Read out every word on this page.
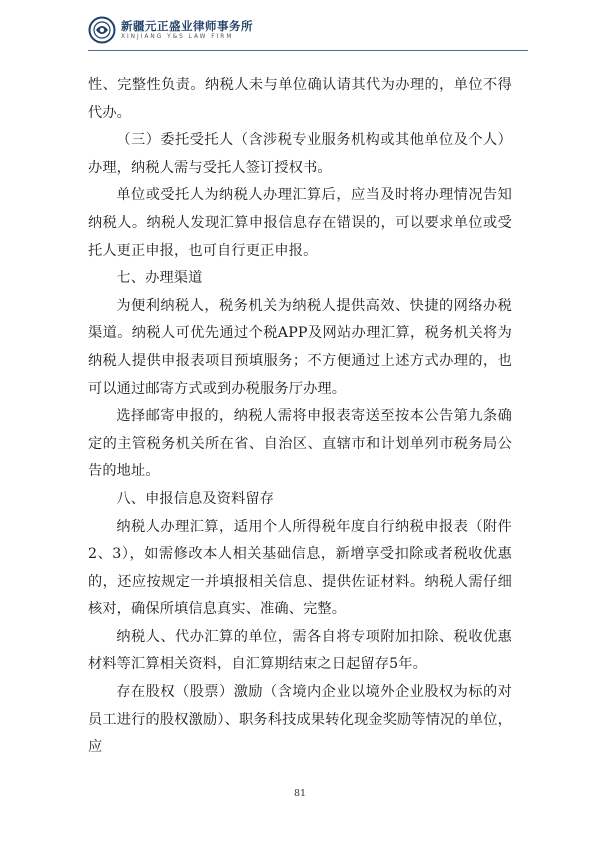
新疆元正盛业律师事务所
XINJIANG Y&S LAW FIRM

性、完整性负责。纳税人未与单位确认请其代为办理的，单位不得代办。

（三）委托受托人（含涉税专业服务机构或其他单位及个人）办理，纳税人需与受托人签订授权书。

单位或受托人为纳税人办理汇算后，应当及时将办理情况告知纳税人。纳税人发现汇算申报信息存在错误的，可以要求单位或受托人更正申报，也可自行更正申报。

七、办理渠道

为便利纳税人，税务机关为纳税人提供高效、快捷的网络办税渠道。纳税人可优先通过个税APP及网站办理汇算，税务机关将为纳税人提供申报表项目预填服务；不方便通过上述方式办理的，也可以通过邮寄方式或到办税服务厅办理。

选择邮寄申报的，纳税人需将申报表寄送至按本公告第九条确定的主管税务机关所在省、自治区、直辖市和计划单列市税务局公告的地址。

八、申报信息及资料留存

纳税人办理汇算，适用个人所得税年度自行纳税申报表（附件2、3），如需修改本人相关基础信息，新增享受扣除或者税收优惠的，还应按规定一并填报相关信息、提供佐证材料。纳税人需仔细核对，确保所填信息真实、准确、完整。

纳税人、代办汇算的单位，需各自将专项附加扣除、税收优惠材料等汇算相关资料，自汇算期结束之日起留存5年。

存在股权（股票）激励（含境内企业以境外企业股权为标的对员工进行的股权激励）、职务科技成果转化现金奖励等情况的单位，应

81
